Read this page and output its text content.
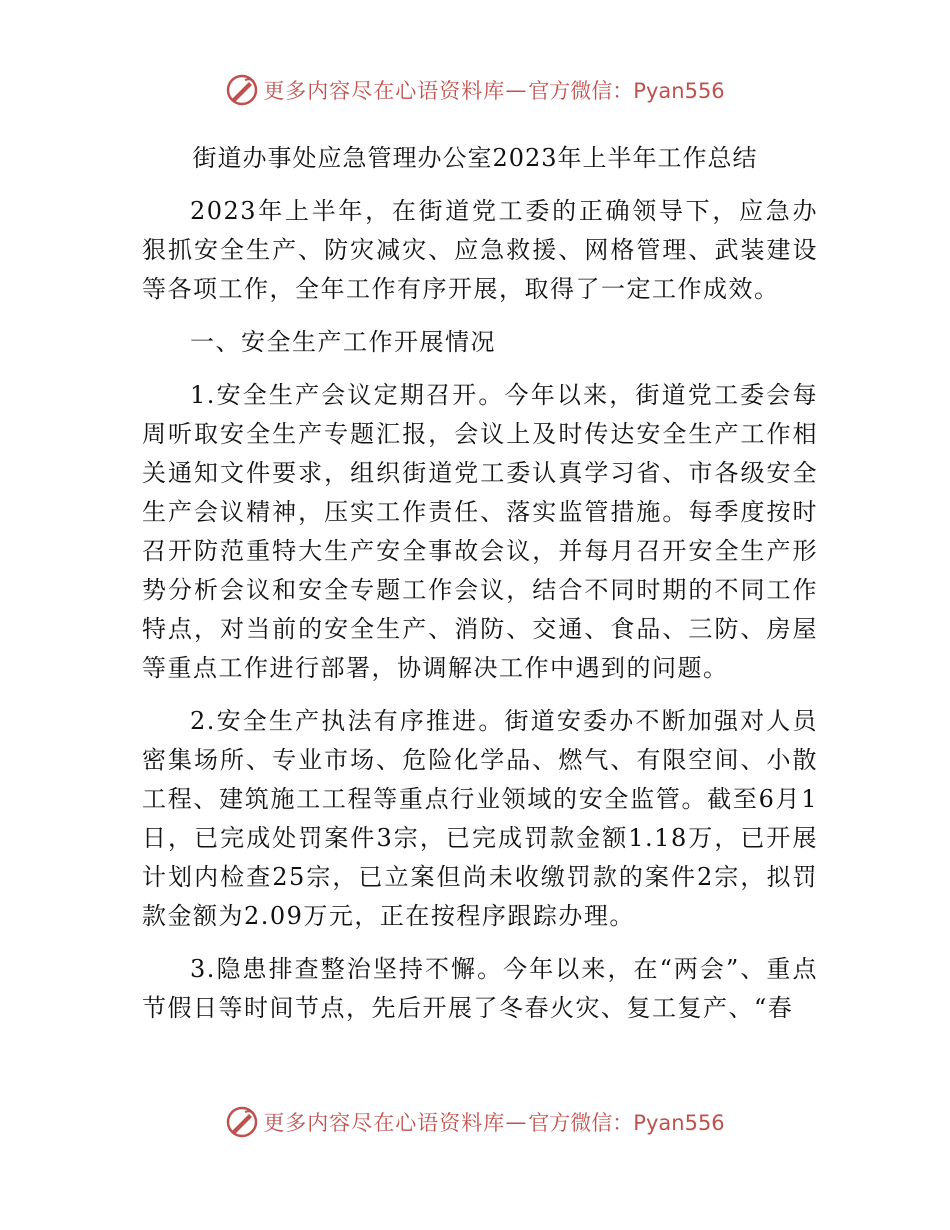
更多内容尽在心语资料库 — 官方微信：Pyan556
街道办事处应急管理办公室2023年上半年工作总结

2023年上半年，在街道党工委的正确领导下，应急办狠抓安全生产、防灾减灾、应急救援、网格管理、武装建设等各项工作，全年工作有序开展，取得了一定工作成效。

一、安全生产工作开展情况

1.安全生产会议定期召开。今年以来，街道党工委会每周听取安全生产专题汇报，会议上及时传达安全生产工作相关通知文件要求，组织街道党工委认真学习省、市各级安全生产会议精神，压实工作责任、落实监管措施。每季度按时召开防范重特大生产安全事故会议，并每月召开安全生产形势分析会议和安全专题工作会议，结合不同时期的不同工作特点，对当前的安全生产、消防、交通、食品、三防、房屋等重点工作进行部署，协调解决工作中遇到的问题。

2.安全生产执法有序推进。街道安委办不断加强对人员密集场所、专业市场、危险化学品、燃气、有限空间、小散工程、建筑施工工程等重点行业领域的安全监管。截至6月1日，已完成处罚案件3宗，已完成罚款金额1.18万，已开展计划内检查25宗，已立案但尚未收缴罚款的案件2宗，拟罚款金额为2.09万元，正在按程序跟踪办理。

3.隐患排查整治坚持不懈。今年以来，在“两会”、重点节假日等时间节点，先后开展了冬春火灾、复工复产、“春

更多内容尽在心语资料库 — 官方微信：Pyan556
